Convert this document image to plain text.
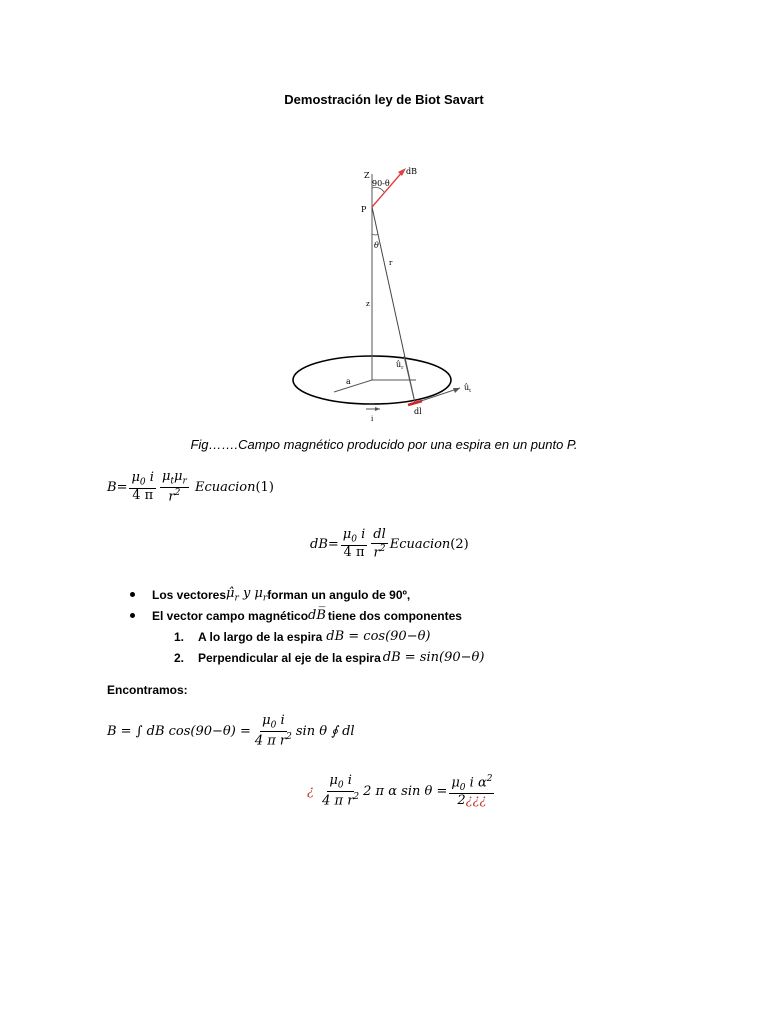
Demostración ley de Biot Savart
Z	dB
90-θ
P
θ
r
z
$û_r$
$û_t$
a
i
dl
Fig…….Campo magnético producido por una espira en un punto P.
$B= \frac{\mu_0 i}{4 \pi} \frac{\mu_t\mu_r}{r^2}$ Ecuacion(1)
$dB= \frac{\mu_0 i}{4 \pi} \frac{dl}{r^2}$ Ecuacion(2)
Los vectores $\mû_r$ y $\mu_r$ forman un angulo de 90º,
El vector campo magnético dB̅ tiene dos componentes
1.	A lo largo de la espira dB = cos(90−θ)
2.	Perpendicular al eje de la espira dB = sin(90−θ)
Encontramos:
B = ∫ dB $\cos(90-\theta) = \frac{\mu_0 i}{4 \pi r^2}$ sin θ ∮ dl
¿ $\frac{\mu_0 i}{4 \pi r^2} 2$ π α $\sin \theta = \frac{\mu_0 i \alpha^2}{2¿¿¿}$
